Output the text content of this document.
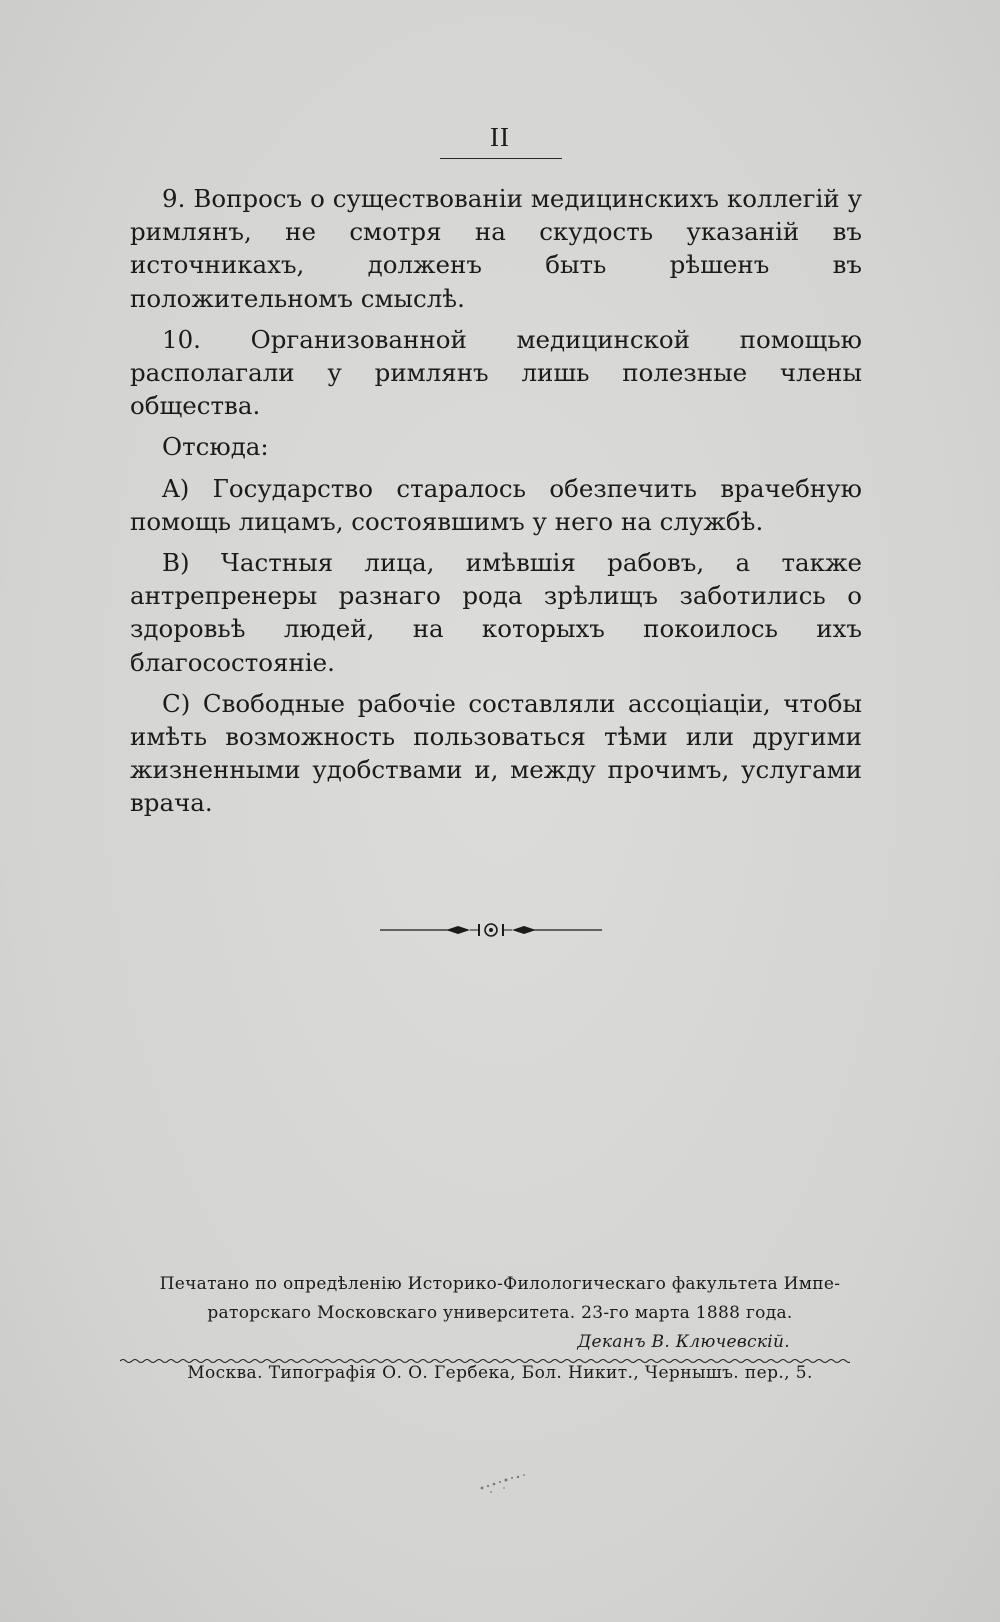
II

9. Вопросъ о существованіи медицинскихъ коллегій у римлянъ, не смотря на скудость указаній въ источникахъ, долженъ быть рѣшенъ въ положительномъ смыслѣ.

10. Организованной медицинской помощью располагали у римлянъ лишь полезные члены общества.

Отсюда:

A) Государство старалось обезпечить врачебную помощь лицамъ, состоявшимъ у него на службѣ.

B) Частныя лица, имѣвшія рабовъ, а также антрепренеры разнаго рода зрѣлищъ заботились о здоровьѣ людей, на которыхъ покоилось ихъ благосостояніе.

C) Свободные рабочіе составляли ассоціаціи, чтобы имѣть возможность пользоваться тѣми или другими жизненными удобствами и, между прочимъ, услугами врача.

Печатано по опредѣленію Историко-Филологическаго факультета Импе-
раторскаго Московскаго университета. 23-го марта 1888 года.
Деканъ В. Ключевскій.
Москва. Типографія О. О. Гербека, Бол. Никит., Чернышъ. пер., 5.
